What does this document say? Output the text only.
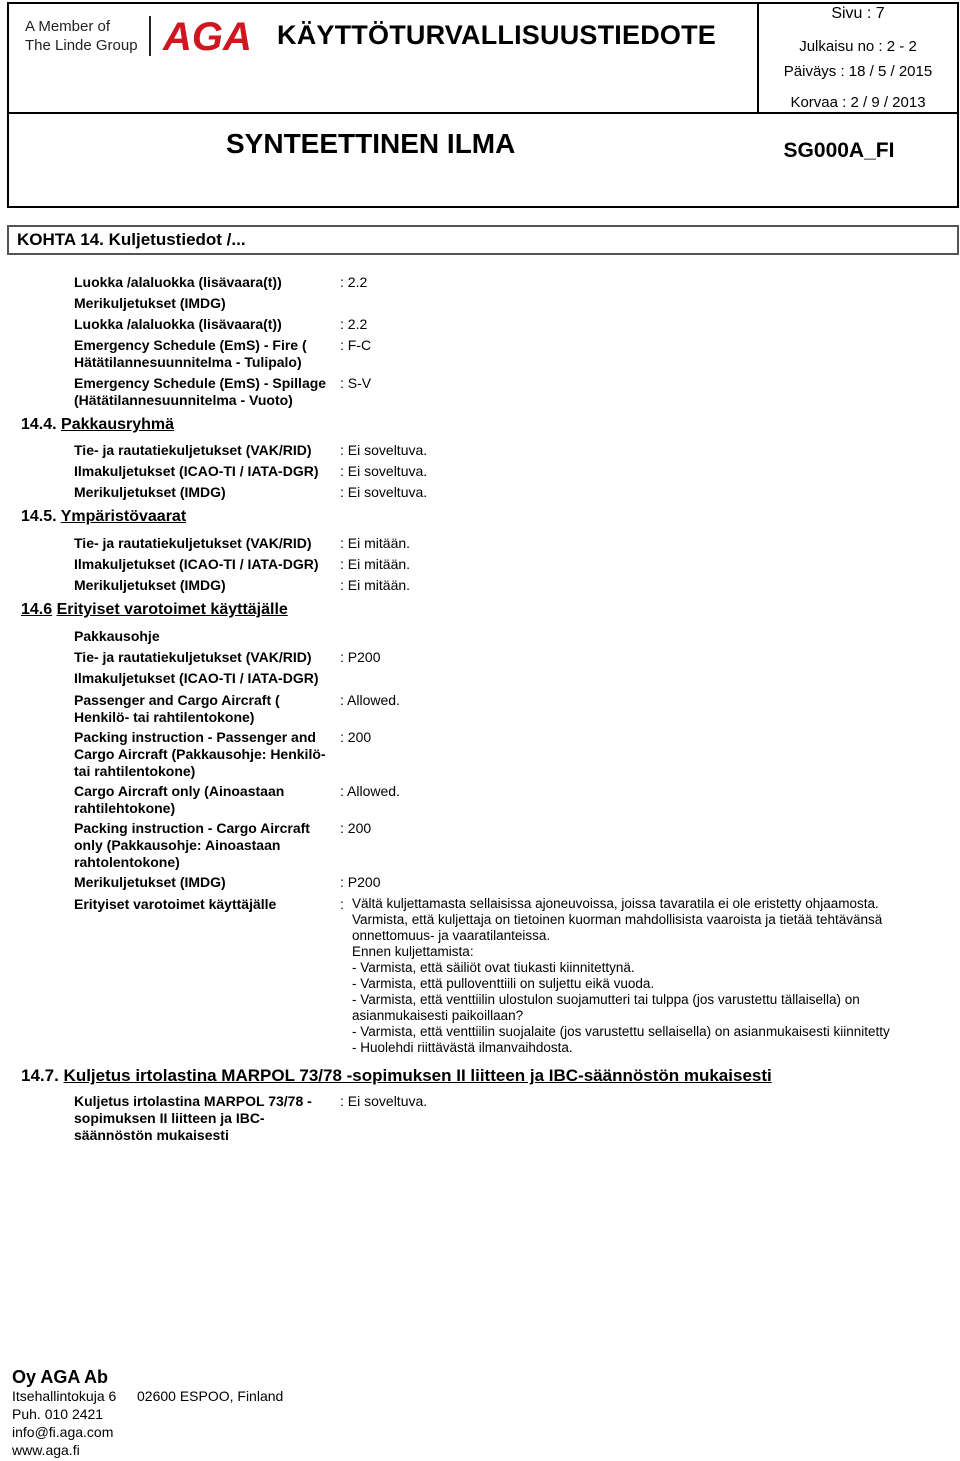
A Member of
The Linde Group AGA KÄYTTÖTURVALLISUUSTIEDOTE
Sivu : 7
Julkaisu no : 2 - 2
Päiväys : 18 / 5 / 2015
Korvaa : 2 / 9 / 2013
SYNTEETTINEN ILMA	SG000A_FI
KOHTA 14. Kuljetustiedot /...
Luokka /alaluokka (lisävaara(t))	: 2.2
Merikuljetukset (IMDG)
Luokka /alaluokka (lisävaara(t))	: 2.2
Emergency Schedule (EmS) - Fire (
Hätätilannesuunnitelma - Tulipalo)
: F-C
Emergency Schedule (EmS) - Spillage
(Hätätilannesuunnitelma - Vuoto)
: S-V
14.4. Pakkausryhmä
Tie- ja rautatiekuljetukset (VAK/RID) : Ei soveltuva.
Ilmakuljetukset (ICAO-TI / IATA-DGR) : Ei soveltuva.
Merikuljetukset (IMDG)	: Ei soveltuva.
14.5. Ympäristövaarat
Tie- ja rautatiekuljetukset (VAK/RID) : Ei mitään.
Ilmakuljetukset (ICAO-TI / IATA-DGR) : Ei mitään.
Merikuljetukset (IMDG)	: Ei mitään.
14.6 Erityiset varotoimet käyttäjälle
Pakkausohje
Tie- ja rautatiekuljetukset (VAK/RID) : P200
Ilmakuljetukset (ICAO-TI / IATA-DGR)
Passenger and Cargo Aircraft (
Henkilö- tai rahtilentokone)
: Allowed.
Packing instruction - Passenger and
Cargo Aircraft (Pakkausohje: Henkilö-
tai rahtilentokone)
: 200
Cargo Aircraft only (Ainoastaan
rahtilehtokone)
: Allowed.
Packing instruction - Cargo Aircraft
only (Pakkausohje: Ainoastaan
rahtolentokone)
: 200
Merikuljetukset (IMDG)	: P200
Erityiset varotoimet käyttäjälle	: Vältä kuljettamasta sellaisissa ajoneuvoissa, joissa tavaratila ei ole eristetty ohjaamosta.
Varmista, että kuljettaja on tietoinen kuorman mahdollisista vaaroista ja tietää tehtävänsä
onnettomuus- ja vaaratilanteissa.
Ennen kuljettamista:
- Varmista, että säiliöt ovat tiukasti kiinnitettynä.
- Varmista, että pulloventtiili on suljettu eikä vuoda.
- Varmista, että venttiilin ulostulon suojamutteri tai tulppa (jos varustettu tällaisella) on
asianmukaisesti paikoillaan?
- Varmista, että venttiilin suojalaite (jos varustettu sellaisella) on asianmukaisesti kiinnitetty
- Huolehdi riittävästä ilmanvaihdosta.
14.7. Kuljetus irtolastina MARPOL 73/78 -sopimuksen II liitteen ja IBC-säännöstön mukaisesti
Kuljetus irtolastina MARPOL 73/78 -
sopimuksen II liitteen ja IBC-
säännöstön mukaisesti
: Ei soveltuva.
Oy AGA Ab
Itsehallintokuja 6 02600 ESPOO, Finland
Puh. 010 2421
info@fi.aga.com
www.aga.fi
